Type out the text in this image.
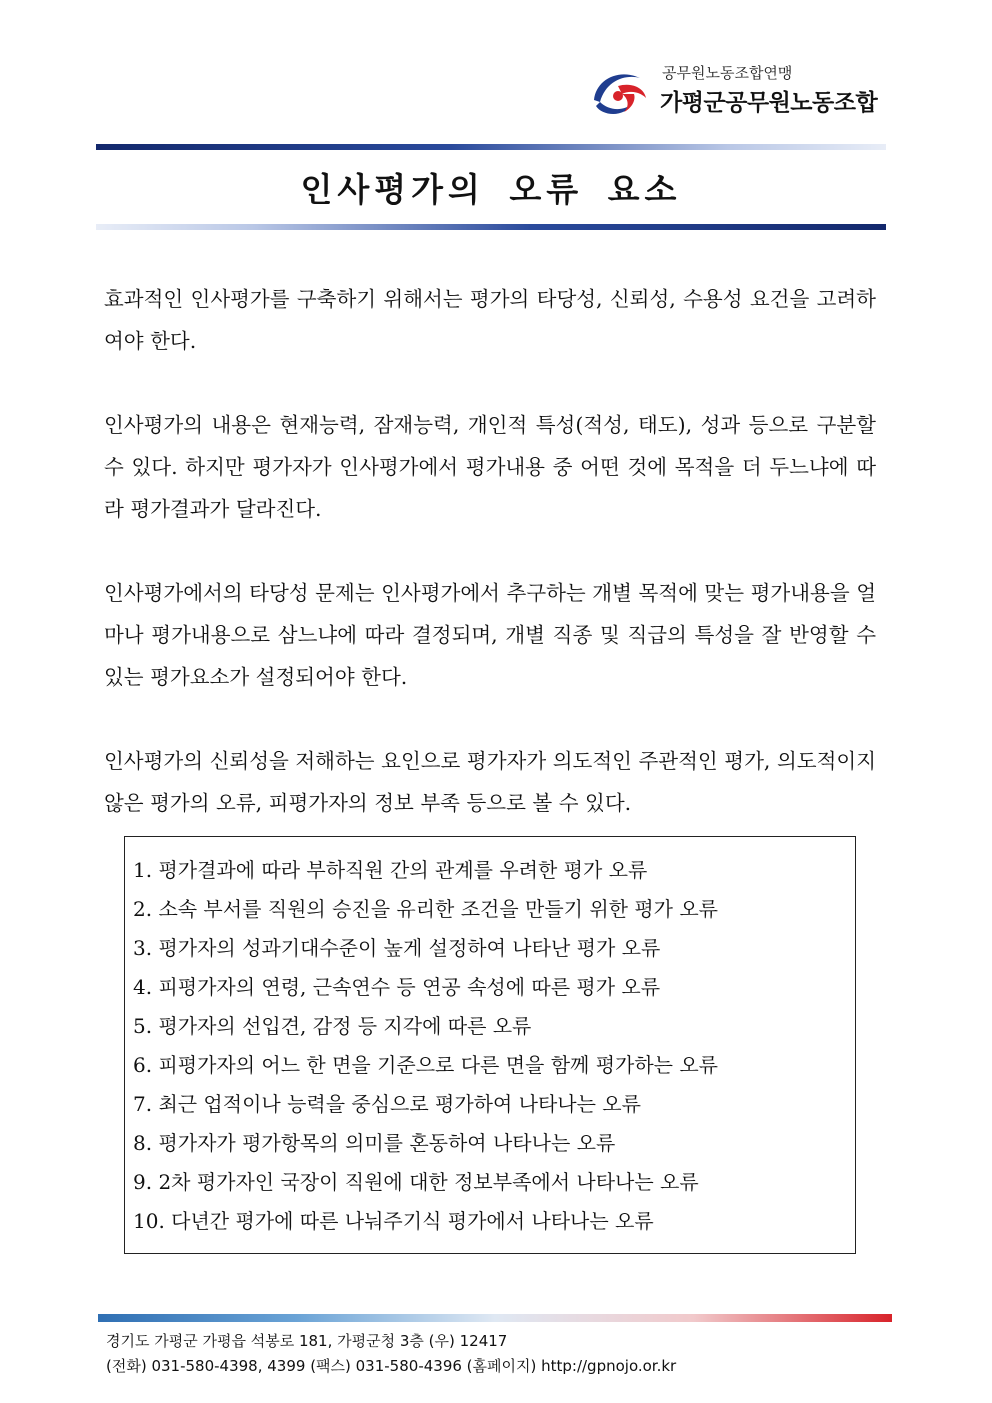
공무원노동조합연맹
가평군공무원노동조합
인사평가의 오류 요소
효과적인 인사평가를 구축하기 위해서는 평가의 타당성, 신뢰성, 수용성 요건을 고려하여야 한다.
인사평가의 내용은 현재능력, 잠재능력, 개인적 특성(적성, 태도), 성과 등으로 구분할 수 있다. 하지만 평가자가 인사평가에서 평가내용 중 어떤 것에 목적을 더 두느냐에 따라 평가결과가 달라진다.
인사평가에서의 타당성 문제는 인사평가에서 추구하는 개별 목적에 맞는 평가내용을 얼마나 평가내용으로 삼느냐에 따라 결정되며, 개별 직종 및 직급의 특성을 잘 반영할 수 있는 평가요소가 설정되어야 한다.
인사평가의 신뢰성을 저해하는 요인으로 평가자가 의도적인 주관적인 평가, 의도적이지 않은 평가의 오류, 피평가자의 정보 부족 등으로 볼 수 있다.
1. 평가결과에 따라 부하직원 간의 관계를 우려한 평가 오류
2. 소속 부서를 직원의 승진을 유리한 조건을 만들기 위한 평가 오류
3. 평가자의 성과기대수준이 높게 설정하여 나타난 평가 오류
4. 피평가자의 연령, 근속연수 등 연공 속성에 따른 평가 오류
5. 평가자의 선입견, 감정 등 지각에 따른 오류
6. 피평가자의 어느 한 면을 기준으로 다른 면을 함께 평가하는 오류
7. 최근 업적이나 능력을 중심으로 평가하여 나타나는 오류
8. 평가자가 평가항목의 의미를 혼동하여 나타나는 오류
9. 2차 평가자인 국장이 직원에 대한 정보부족에서 나타나는 오류
10. 다년간 평가에 따른 나눠주기식 평가에서 나타나는 오류
경기도 가평군 가평읍 석봉로 181, 가평군청 3층 (우) 12417
(전화) 031-580-4398, 4399 (팩스) 031-580-4396 (홈페이지) http://gpnojo.or.kr
